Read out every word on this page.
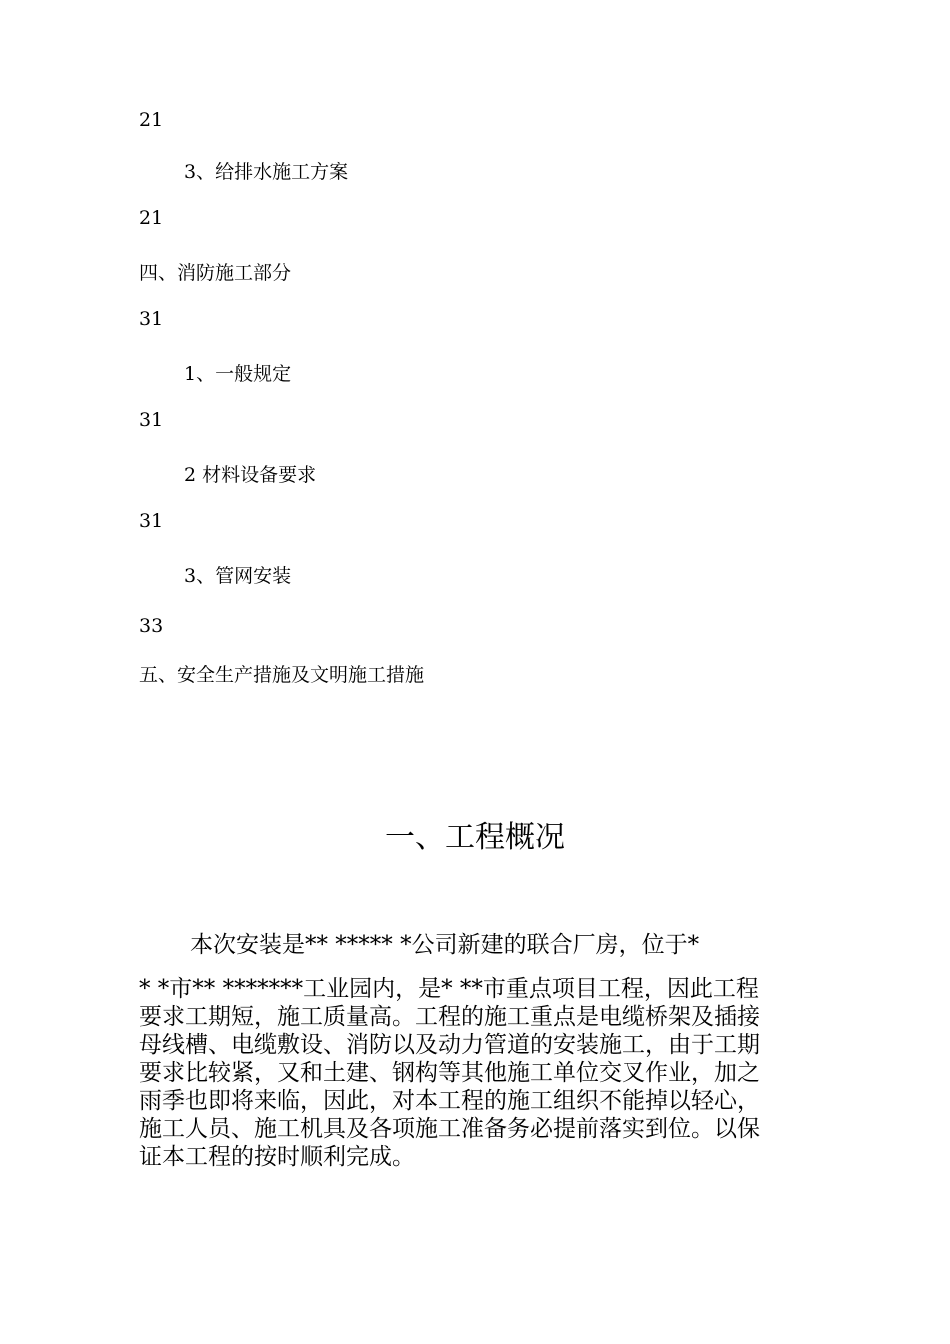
21
3、给排水施工方案
21
四、消防施工部分
31
1、一般规定
31
2 材料设备要求
31
3、管网安装
33
五、安全生产措施及文明施工措施
一、工程概况
本次安装是** ***** *公司新建的联合厂房，位于*
* *市** *******工业园内，是* **市重点项目工程，因此工程
要求工期短，施工质量高。工程的施工重点是电缆桥架及插接
母线槽、电缆敷设、消防以及动力管道的安装施工，由于工期
要求比较紧，又和土建、钢构等其他施工单位交叉作业，加之
雨季也即将来临，因此，对本工程的施工组织不能掉以轻心，
施工人员、施工机具及各项施工准备务必提前落实到位。以保
证本工程的按时顺利完成。
